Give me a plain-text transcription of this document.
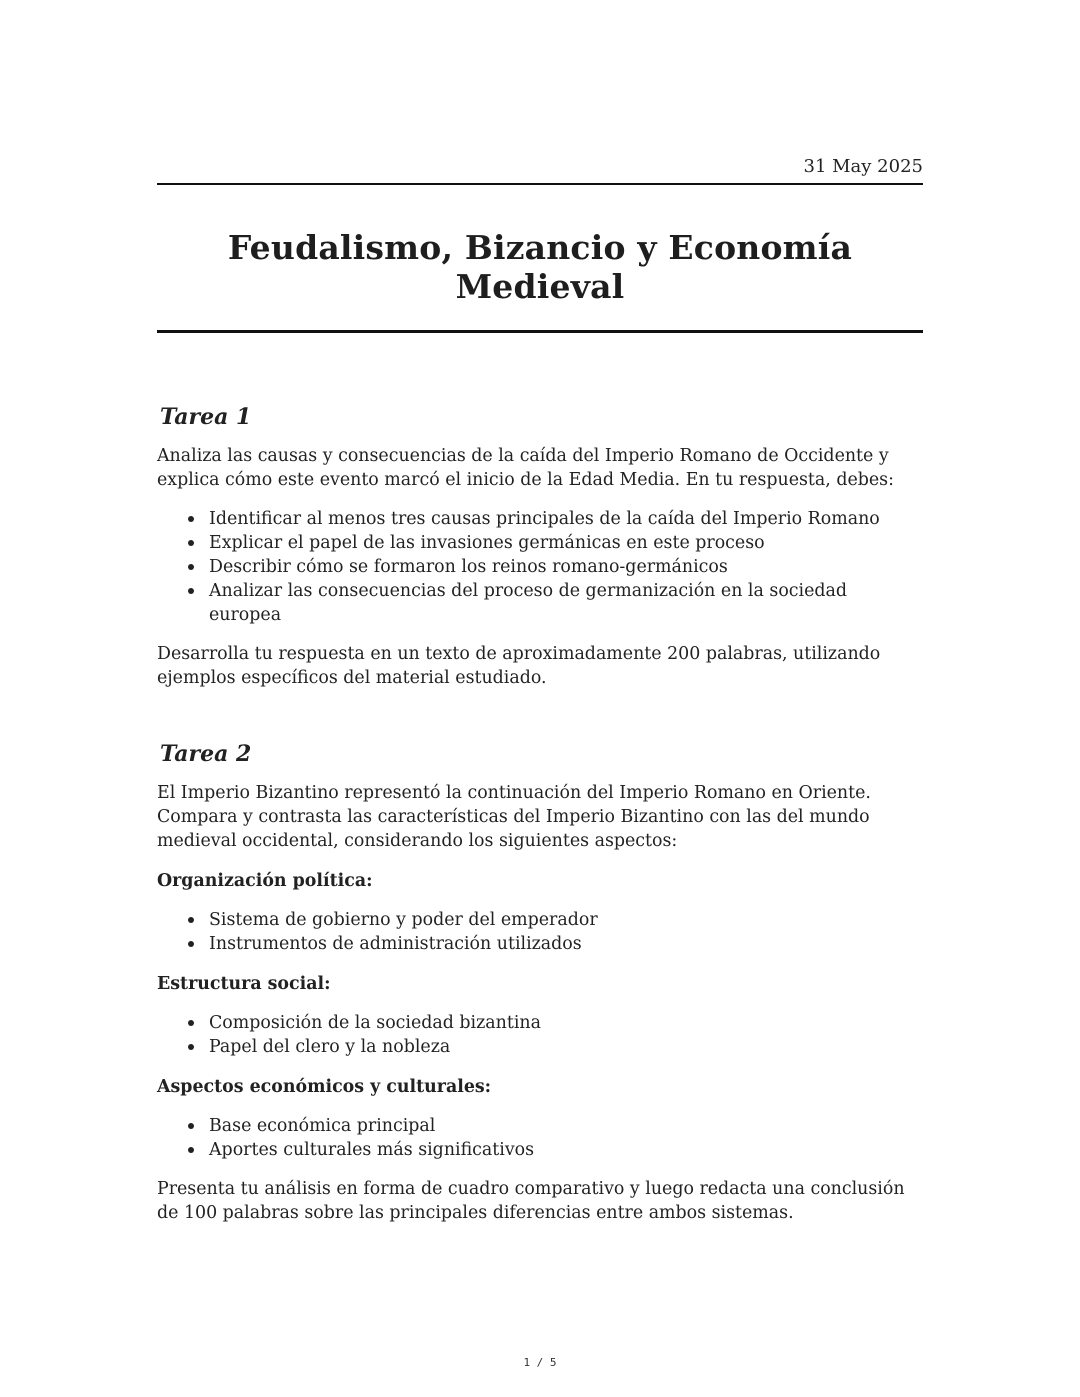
31 May 2025
Feudalismo, Bizancio y Economía Medieval
Tarea 1

Analiza las causas y consecuencias de la caída del Imperio Romano de Occidente y explica cómo este evento marcó el inicio de la Edad Media. En tu respuesta, debes:

Identificar al menos tres causas principales de la caída del Imperio Romano
Explicar el papel de las invasiones germánicas en este proceso
Describir cómo se formaron los reinos romano-germánicos
Analizar las consecuencias del proceso de germanización en la sociedad europea

Desarrolla tu respuesta en un texto de aproximadamente 200 palabras, utilizando ejemplos específicos del material estudiado.

Tarea 2

El Imperio Bizantino representó la continuación del Imperio Romano en Oriente. Compara y contrasta las características del Imperio Bizantino con las del mundo medieval occidental, considerando los siguientes aspectos:

Organización política:
Sistema de gobierno y poder del emperador
Instrumentos de administración utilizados
Estructura social:
Composición de la sociedad bizantina
Papel del clero y la nobleza
Aspectos económicos y culturales:
Base económica principal
Aportes culturales más significativos

Presenta tu análisis en forma de cuadro comparativo y luego redacta una conclusión de 100 palabras sobre las principales diferencias entre ambos sistemas.

1 / 5
